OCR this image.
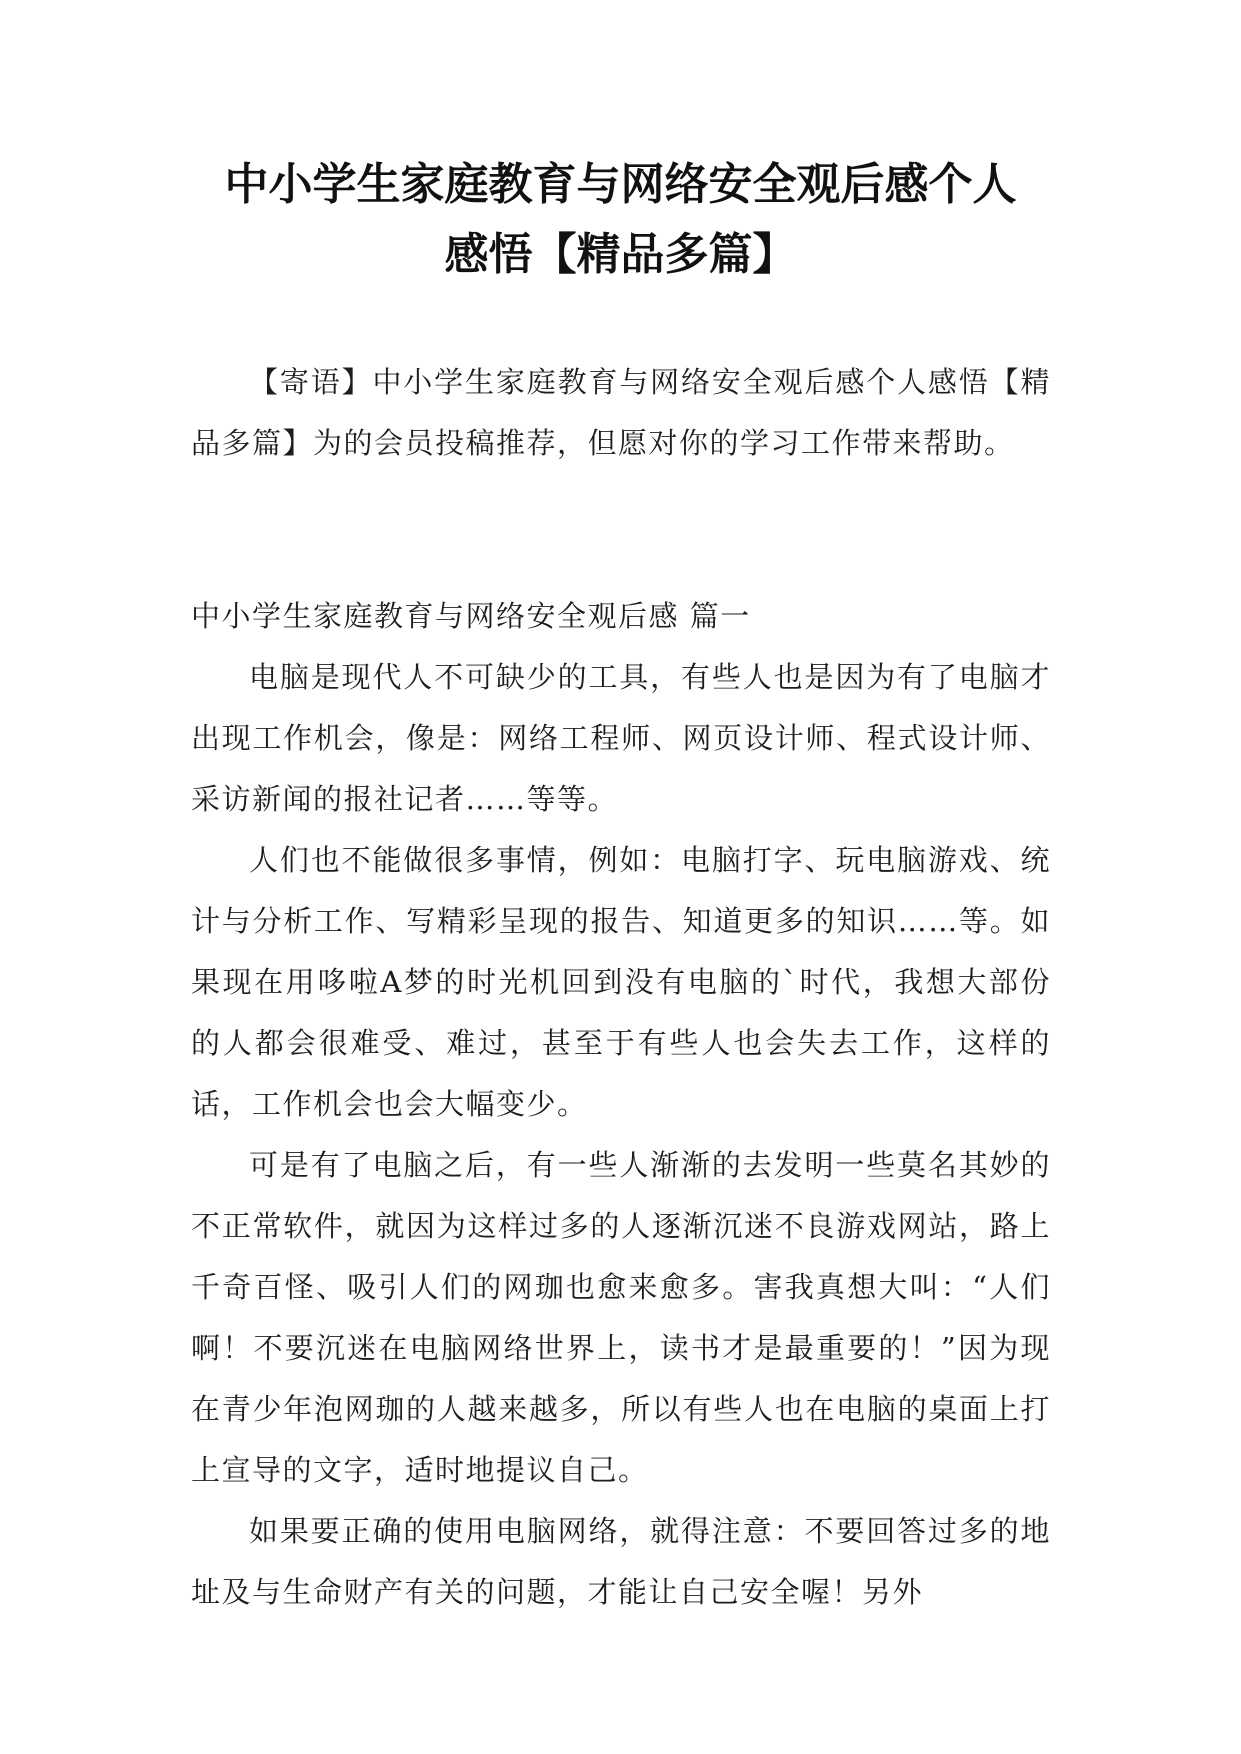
中小学生家庭教育与网络安全观后感个人
感悟【精品多篇】

【寄语】中小学生家庭教育与网络安全观后感个人感悟【精品多篇】为的会员投稿推荐，但愿对你的学习工作带来帮助。

中小学生家庭教育与网络安全观后感 篇一

电脑是现代人不可缺少的工具，有些人也是因为有了电脑才出现工作机会，像是：网络工程师、网页设计师、程式设计师、采访新闻的报社记者……等等。

人们也不能做很多事情，例如：电脑打字、玩电脑游戏、统计与分析工作、写精彩呈现的报告、知道更多的知识……等。如果现在用哆啦A梦的时光机回到没有电脑的`时代，我想大部份的人都会很难受、难过，甚至于有些人也会失去工作，这样的话，工作机会也会大幅变少。

可是有了电脑之后，有一些人渐渐的去发明一些莫名其妙的不正常软件，就因为这样过多的人逐渐沉迷不良游戏网站，路上千奇百怪、吸引人们的网珈也愈来愈多。害我真想大叫：“人们啊！不要沉迷在电脑网络世界上，读书才是最重要的！”因为现在青少年泡网珈的人越来越多，所以有些人也在电脑的桌面上打上宣导的文字，适时地提议自己。

如果要正确的使用电脑网络，就得注意：不要回答过多的地址及与生命财产有关的问题，才能让自己安全喔！另外
